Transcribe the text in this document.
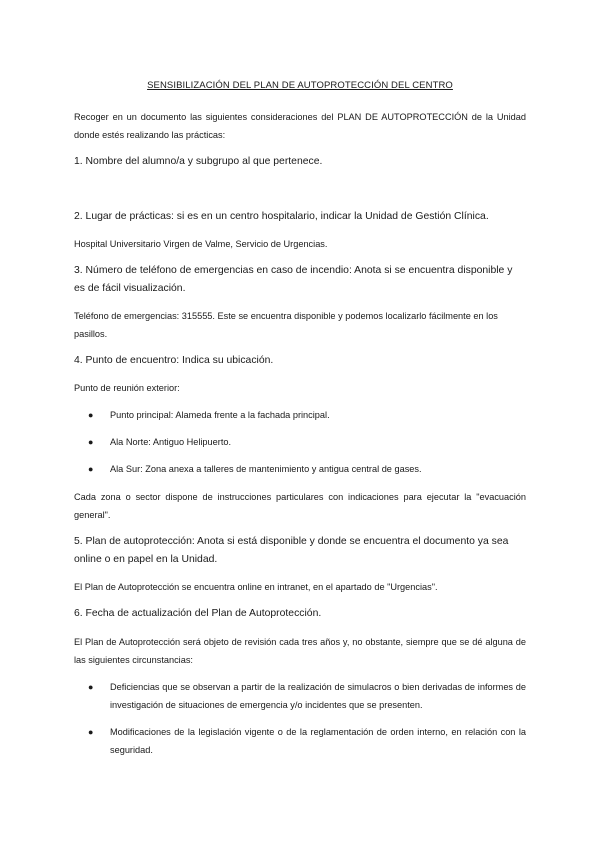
SENSIBILIZACIÓN DEL PLAN DE AUTOPROTECCIÓN DEL CENTRO

Recoger en un documento las siguientes consideraciones del PLAN DE AUTOPROTECCIÓN de la Unidad donde estés realizando las prácticas:

1. Nombre del alumno/a y subgrupo al que pertenece.

2. Lugar de prácticas: si es en un centro hospitalario, indicar la Unidad de Gestión Clínica.

Hospital Universitario Virgen de Valme, Servicio de Urgencias.

3. Número de teléfono de emergencias en caso de incendio: Anota si se encuentra disponible y es de fácil visualización.

Teléfono de emergencias: 315555. Este se encuentra disponible y podemos localizarlo fácilmente en los pasillos.

4. Punto de encuentro: Indica su ubicación.

Punto de reunión exterior:

● Punto principal: Alameda frente a la fachada principal.

● Ala Norte: Antiguo Helipuerto.

● Ala Sur: Zona anexa a talleres de mantenimiento y antigua central de gases.

Cada zona o sector dispone de instrucciones particulares con indicaciones para ejecutar la "evacuación general".

5. Plan de autoprotección: Anota si está disponible y donde se encuentra el documento ya sea online o en papel en la Unidad.

El Plan de Autoprotección se encuentra online en intranet, en el apartado de "Urgencias".

6. Fecha de actualización del Plan de Autoprotección.

El Plan de Autoprotección será objeto de revisión cada tres años y, no obstante, siempre que se dé alguna de las siguientes circunstancias:

● Deficiencias que se observan a partir de la realización de simulacros o bien derivadas de informes de investigación de situaciones de emergencia y/o incidentes que se presenten.

● Modificaciones de la legislación vigente o de la reglamentación de orden interno, en relación con la seguridad.
